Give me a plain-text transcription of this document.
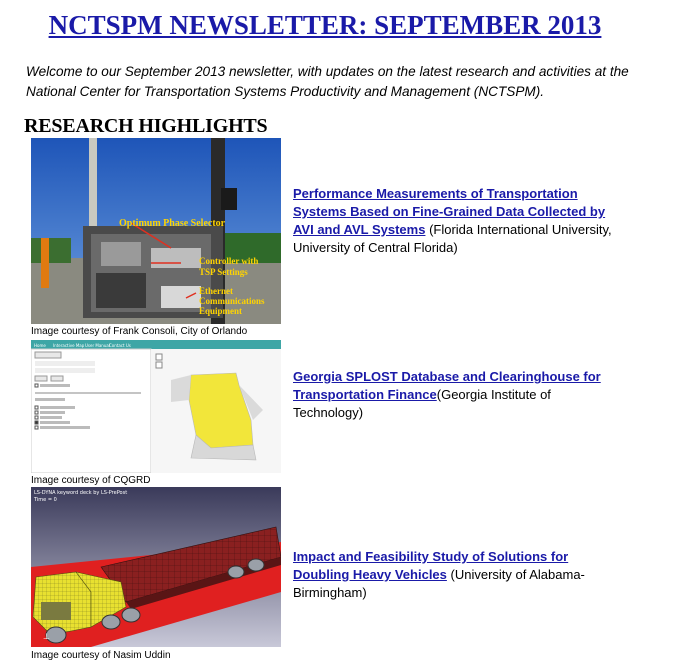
NCTSPM NEWSLETTER: SEPTEMBER 2013
Welcome to our September 2013 newsletter, with updates on the latest research and activities at the National Center for Transportation Systems Productivity and Management (NCTSPM).
RESEARCH HIGHLIGHTS
Optimum Phase Selector
Controller with
TSP Settings
Ethernet
Communications
Equipment
Image courtesy of Frank Consoli, City of Orlando
Performance Measurements of Transportation Systems Based on Fine-Grained Data Collected by AVI and AVL Systems (Florida International University, University of Central Florida)
Home Interactive Map User Manual Contact Us
Image courtesy of CQGRD
Georgia SPLOST Database and Clearinghouse for Transportation Finance(Georgia Institute of Technology)
LS-DYNA keyword deck by LS-PrePost
Time = 0
⊥
Image courtesy of Nasim Uddin
Impact and Feasibility Study of Solutions for Doubling Heavy Vehicles (University of Alabama-Birmingham)
